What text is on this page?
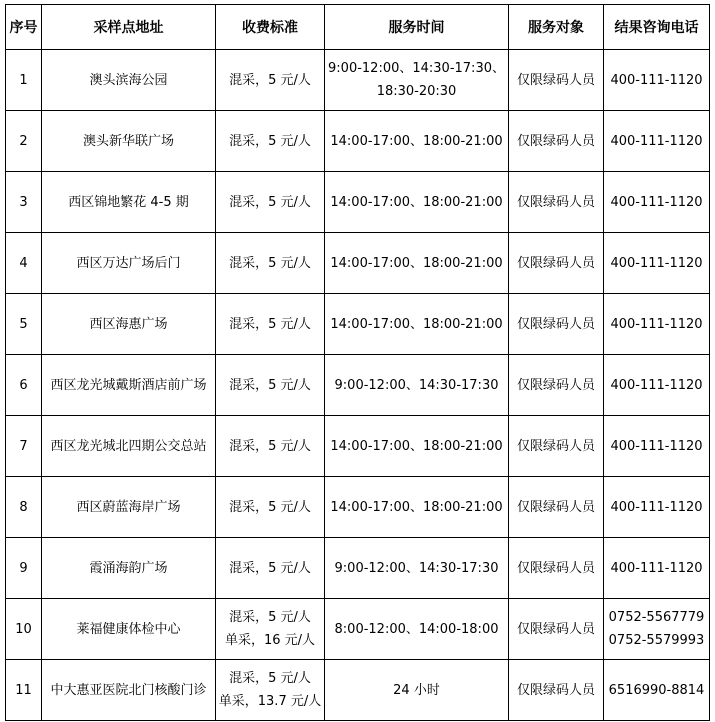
序号	采样点地址	收费标准	服务时间	服务对象	结果咨询电话
1	澳头滨海公园	混采，5 元/人	9:00-12:00、14:30-17:30、
18:30-20:30	仅限绿码人员	400-111-1120

2	澳头新华联广场	混采，5 元/人	14:00-17:00、18:00-21:00	仅限绿码人员	400-111-1120

3	西区锦地繁花 4-5 期	混采，5 元/人	14:00-17:00、18:00-21:00	仅限绿码人员	400-111-1120

4	西区万达广场后门	混采，5 元/人	14:00-17:00、18:00-21:00	仅限绿码人员	400-111-1120

5	西区海惠广场	混采，5 元/人	14:00-17:00、18:00-21:00	仅限绿码人员	400-111-1120

6	西区龙光城戴斯酒店前广场	混采，5 元/人	9:00-12:00、14:30-17:30	仅限绿码人员	400-111-1120

7	西区龙光城北四期公交总站	混采，5 元/人	14:00-17:00、18:00-21:00	仅限绿码人员	400-111-1120

8	西区蔚蓝海岸广场	混采，5 元/人	14:00-17:00、18:00-21:00	仅限绿码人员	400-111-1120

9	霞涌海韵广场	混采，5 元/人	9:00-12:00、14:30-17:30	仅限绿码人员	400-111-1120

10	莱福健康体检中心	混采，5 元/人
单采，16 元/人	8:00-12:00、14:00-18:00	仅限绿码人员	0752-5567779
0752-5579993

11	中大惠亚医院北门核酸门诊	混采，5 元/人
单采，13.7 元/人	24 小时	仅限绿码人员	6516990-8814
